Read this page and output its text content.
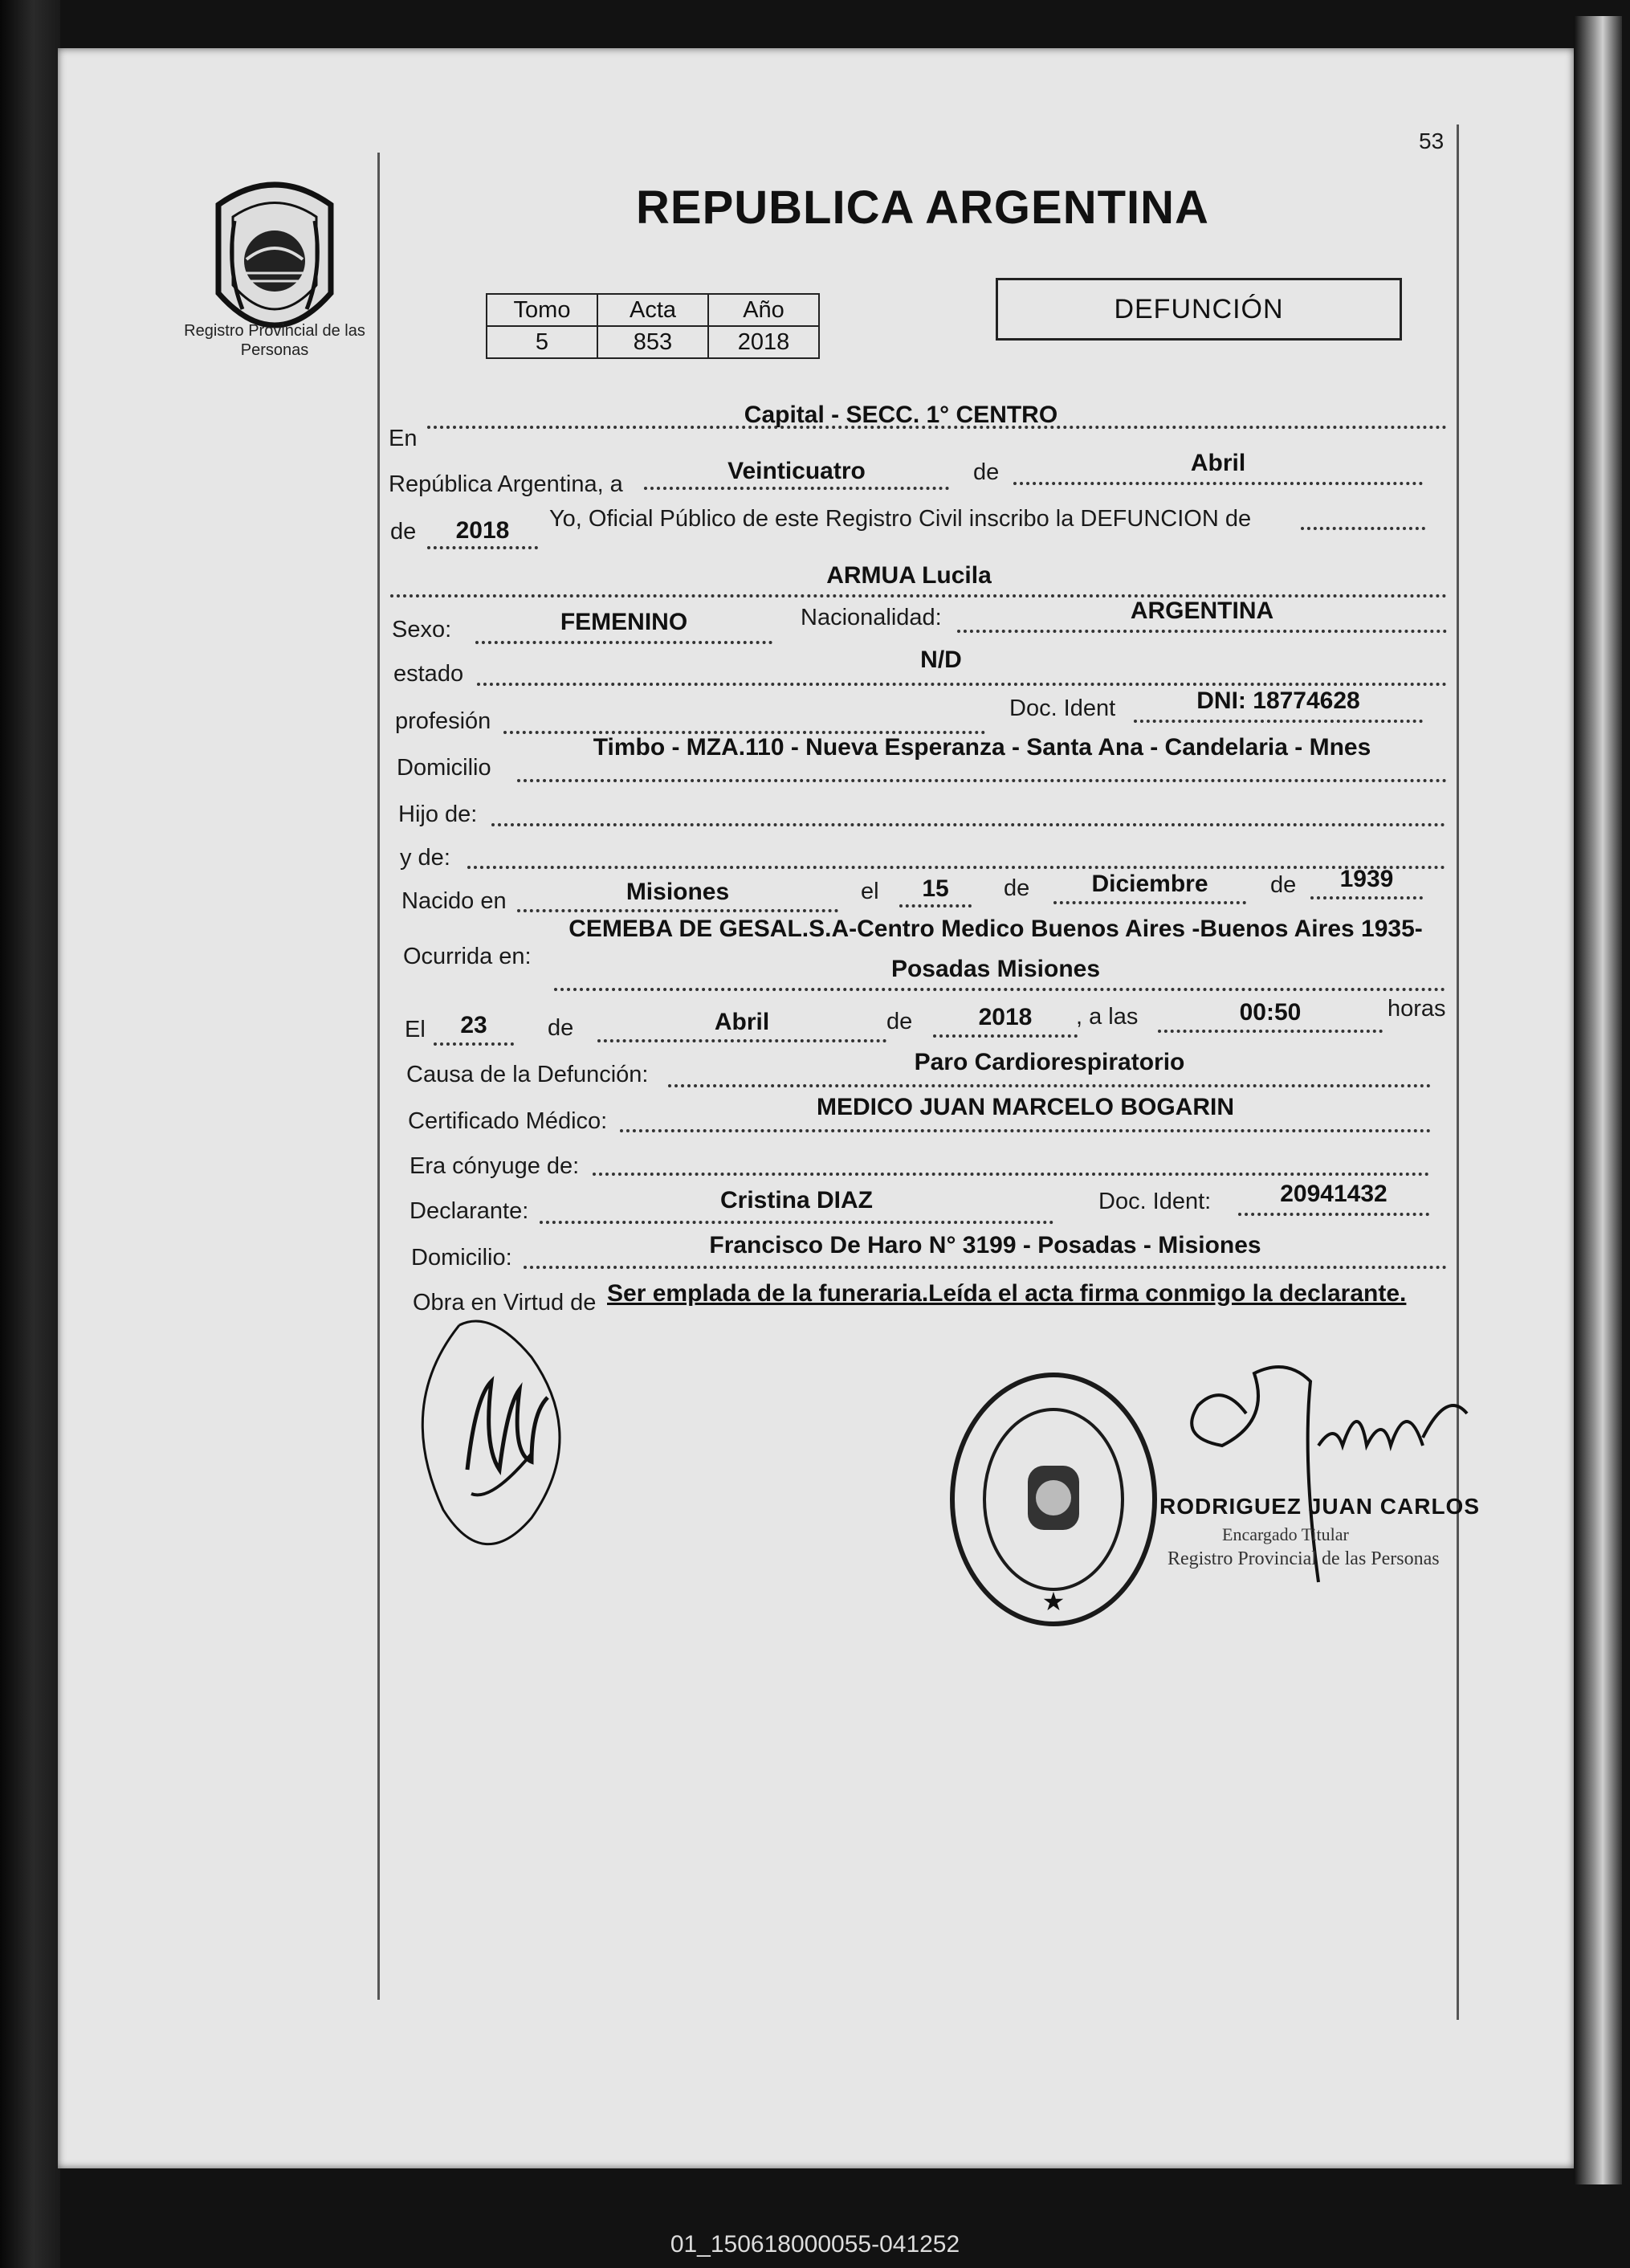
53
Registro Provincial de las Personas
REPUBLICA ARGENTINA
Tomo	Acta	Año
5	853	2018
DEFUNCIÓN
En
Capital - SECC. 1° CENTRO
República Argentina, a	Veinticuatro	de	Abril
de	2018	Yo, Oficial Público de este Registro Civil inscribo la DEFUNCION de
ARMUA Lucila
Sexo:	FEMENINO	Nacionalidad:	ARGENTINA
estado
N/D
profesión	Doc. Ident	DNI: 18774628
Domicilio
Timbo - MZA.110 - Nueva Esperanza - Santa Ana - Candelaria - Mnes
Hijo de:
y de:
Nacido en	Misiones	el	15	de	Diciembre	de	1939
Ocurrida en:
CEMEBA DE GESAL.S.A-Centro Medico Buenos Aires -Buenos Aires 1935-
Posadas Misiones
El	23	de	Abril	de	2018	, a las	00:50	horas
Causa de la Defunción:	Paro Cardiorespiratorio
Certificado Médico:
MEDICO JUAN MARCELO BOGARIN
Era cónyuge de:
Declarante:	Cristina DIAZ	Doc. Ident:	20941432
Domicilio:	Francisco De Haro N° 3199 - Posadas - Misiones
Obra en Virtud de Ser emplada de la funeraria.Leída el acta firma conmigo la declarante.
★
RODRIGUEZ JUAN CARLOS
Encargado Titular
Registro Provincial de las Personas
01_150618000055-041252
